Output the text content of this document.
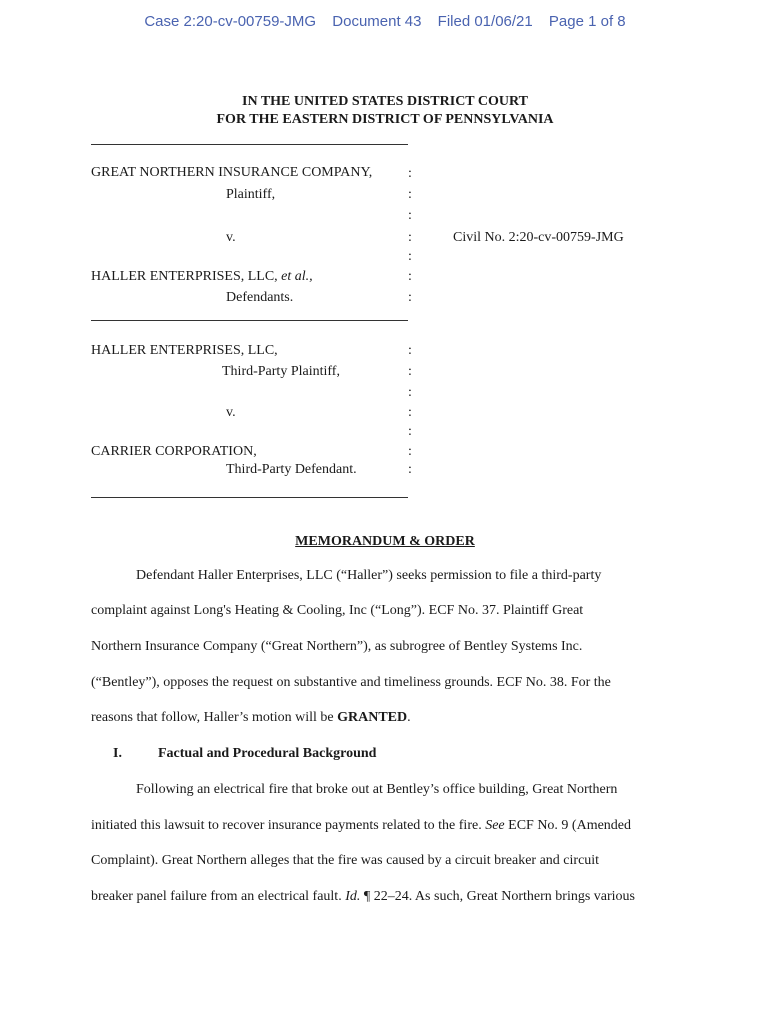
Case 2:20-cv-00759-JMG Document 43 Filed 01/06/21 Page 1 of 8
IN THE UNITED STATES DISTRICT COURT
FOR THE EASTERN DISTRICT OF PENNSYLVANIA
GREAT NORTHERN INSURANCE COMPANY,
Plaintiff,
v.	Civil No. 2:20-cv-00759-JMG
HALLER ENTERPRISES, LLC, et al.,
Defendants.
:
:
:
:
:
:
:
HALLER ENTERPRISES, LLC,
Third-Party Plaintiff,
v.
CARRIER CORPORATION,
Third-Party Defendant.
:
:
:
:
:
:
:
MEMORANDUM & ORDER
Defendant Haller Enterprises, LLC (“Haller”) seeks permission to file a third-party
complaint against Long's Heating & Cooling, Inc (“Long”). ECF No. 37. Plaintiff Great
Northern Insurance Company (“Great Northern”), as subrogree of Bentley Systems Inc.
(“Bentley”), opposes the request on substantive and timeliness grounds. ECF No. 38. For the
reasons that follow, Haller’s motion will be GRANTED.
I.	Factual and Procedural Background
Following an electrical fire that broke out at Bentley’s office building, Great Northern
initiated this lawsuit to recover insurance payments related to the fire. See ECF No. 9 (Amended
Complaint). Great Northern alleges that the fire was caused by a circuit breaker and circuit
breaker panel failure from an electrical fault. Id. ¶ 22–24. As such, Great Northern brings various
